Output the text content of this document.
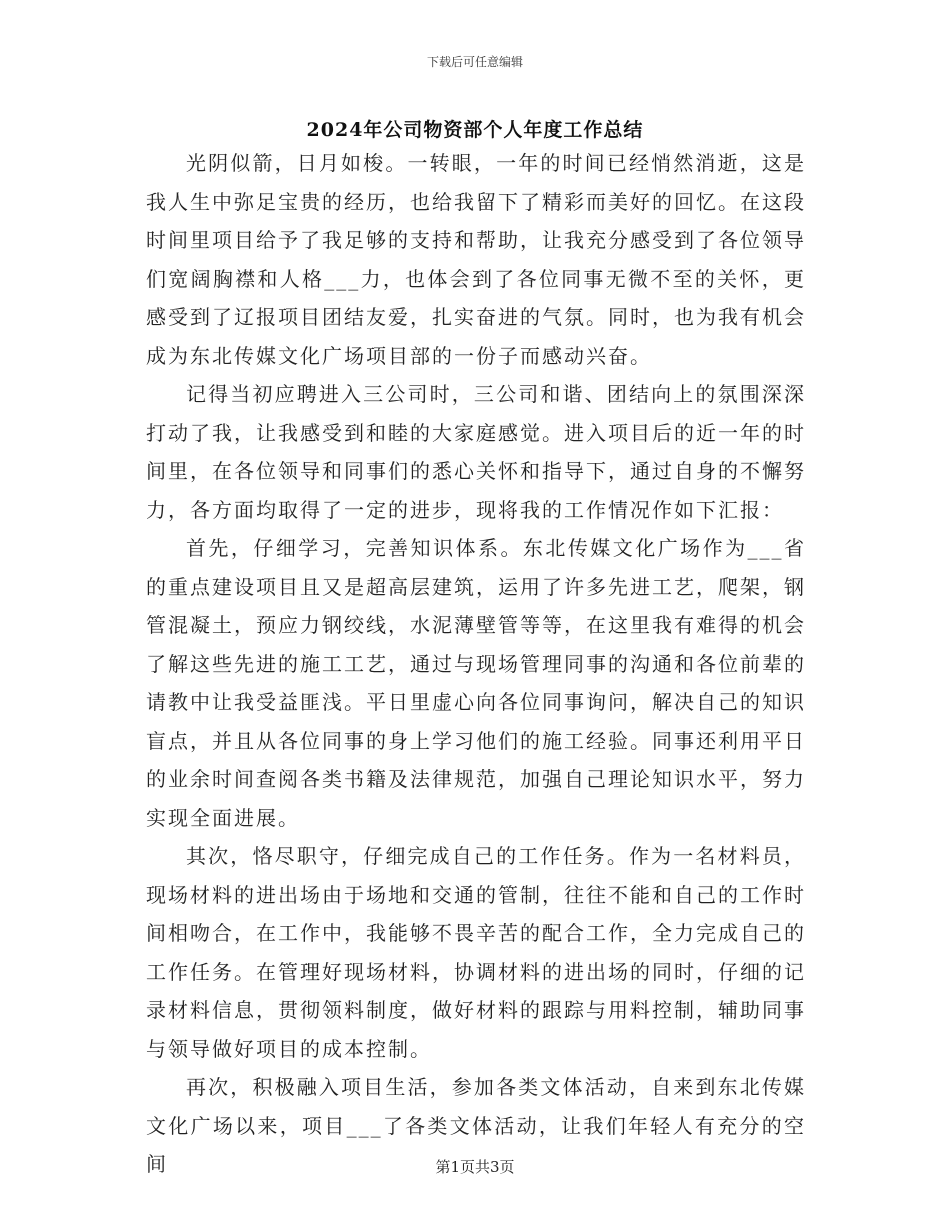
下载后可任意编辑
2024年公司物资部个人年度工作总结

光阴似箭，日月如梭。一转眼，一年的时间已经悄然消逝，这是我人生中弥足宝贵的经历，也给我留下了精彩而美好的回忆。在这段时间里项目给予了我足够的支持和帮助，让我充分感受到了各位领导们宽阔胸襟和人格___力，也体会到了各位同事无微不至的关怀，更感受到了辽报项目团结友爱，扎实奋进的气氛。同时，也为我有机会成为东北传媒文化广场项目部的一份子而感动兴奋。

记得当初应聘进入三公司时，三公司和谐、团结向上的氛围深深打动了我，让我感受到和睦的大家庭感觉。进入项目后的近一年的时间里，在各位领导和同事们的悉心关怀和指导下，通过自身的不懈努力，各方面均取得了一定的进步，现将我的工作情况作如下汇报：

首先，仔细学习，完善知识体系。东北传媒文化广场作为___省的重点建设项目且又是超高层建筑，运用了许多先进工艺，爬架，钢管混凝土，预应力钢绞线，水泥薄壁管等等，在这里我有难得的机会了解这些先进的施工工艺，通过与现场管理同事的沟通和各位前辈的请教中让我受益匪浅。平日里虚心向各位同事询问，解决自己的知识盲点，并且从各位同事的身上学习他们的施工经验。同事还利用平日的业余时间查阅各类书籍及法律规范，加强自己理论知识水平，努力实现全面进展。

其次，恪尽职守，仔细完成自己的工作任务。作为一名材料员，现场材料的进出场由于场地和交通的管制，往往不能和自己的工作时间相吻合，在工作中，我能够不畏辛苦的配合工作，全力完成自己的工作任务。在管理好现场材料，协调材料的进出场的同时，仔细的记录材料信息，贯彻领料制度，做好材料的跟踪与用料控制，辅助同事与领导做好项目的成本控制。

再次，积极融入项目生活，参加各类文体活动，自来到东北传媒文化广场以来，项目___了各类文体活动，让我们年轻人有充分的空间	第1页共3页
